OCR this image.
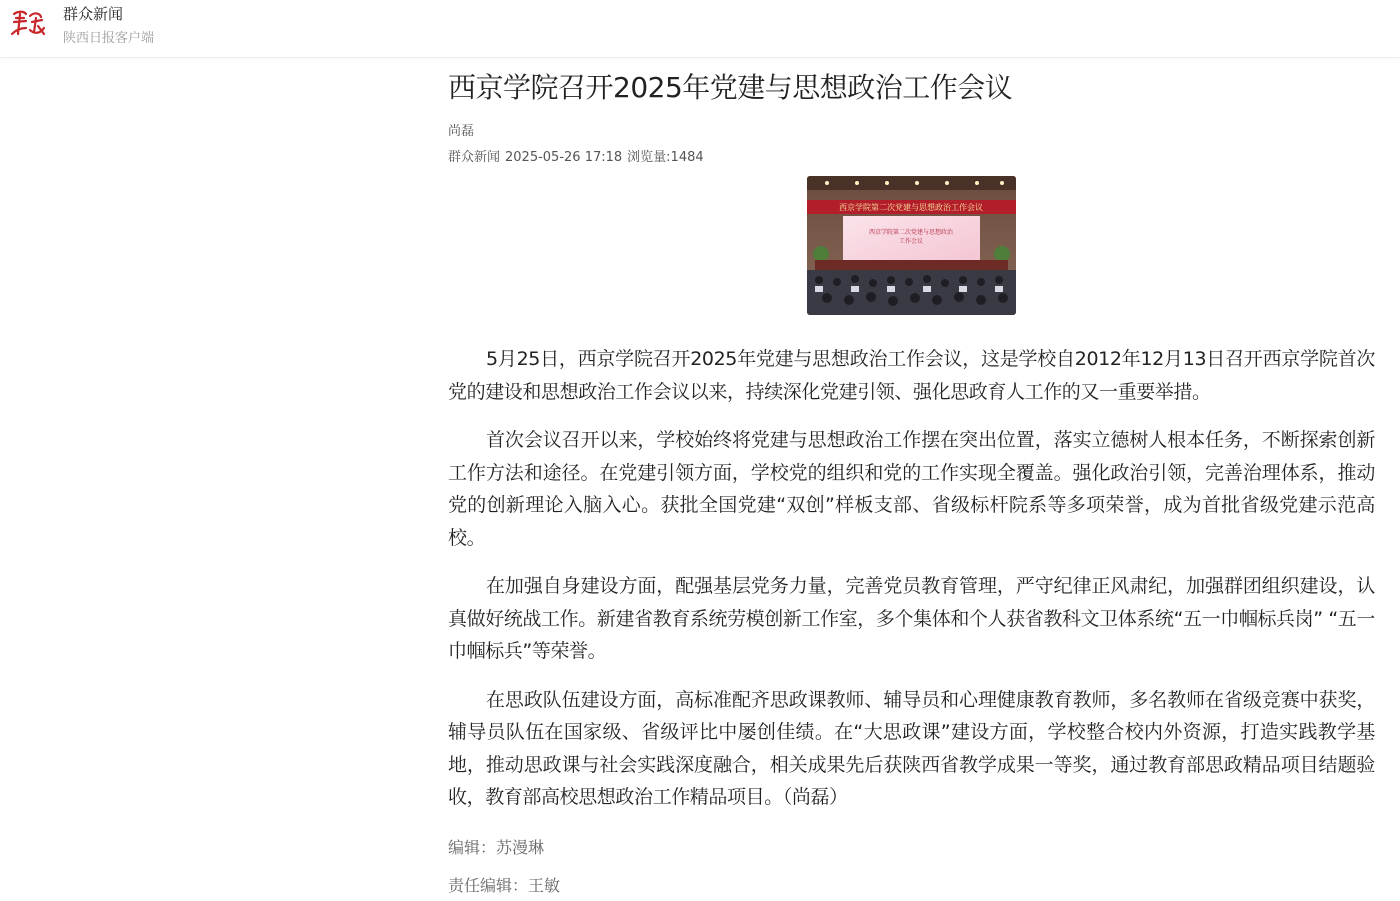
群众新闻
陕西日报客户端
西京学院召开2025年党建与思想政治工作会议
尚磊
群众新闻 2025-05-26 17:18 浏览量:1484
西京学院第二次党建与思想政治工作会议
西京学院第二次党建与思想政治
工作会议

5月25日，西京学院召开2025年党建与思想政治工作会议，这是学校自2012年12月13日召开西京学院首次党的建设和思想政治工作会议以来，持续深化党建引领、强化思政育人工作的又一重要举措。

首次会议召开以来，学校始终将党建与思想政治工作摆在突出位置，落实立德树人根本任务，不断探索创新工作方法和途径。在党建引领方面，学校党的组织和党的工作实现全覆盖。强化政治引领，完善治理体系，推动党的创新理论入脑入心。获批全国党建“双创”样板支部、省级标杆院系等多项荣誉，成为首批省级党建示范高校。

在加强自身建设方面，配强基层党务力量，完善党员教育管理，严守纪律正风肃纪，加强群团组织建设，认真做好统战工作。新建省教育系统劳模创新工作室，多个集体和个人获省教科文卫体系统“五一巾帼标兵岗” “五一巾帼标兵”等荣誉。

在思政队伍建设方面，高标准配齐思政课教师、辅导员和心理健康教育教师，多名教师在省级竞赛中获奖，辅导员队伍在国家级、省级评比中屡创佳绩。在“大思政课”建设方面，学校整合校内外资源，打造实践教学基地，推动思政课与社会实践深度融合，相关成果先后获陕西省教学成果一等奖，通过教育部思政精品项目结题验收，教育部高校思想政治工作精品项目。（尚磊）

编辑：苏漫琳
责任编辑：王敏
